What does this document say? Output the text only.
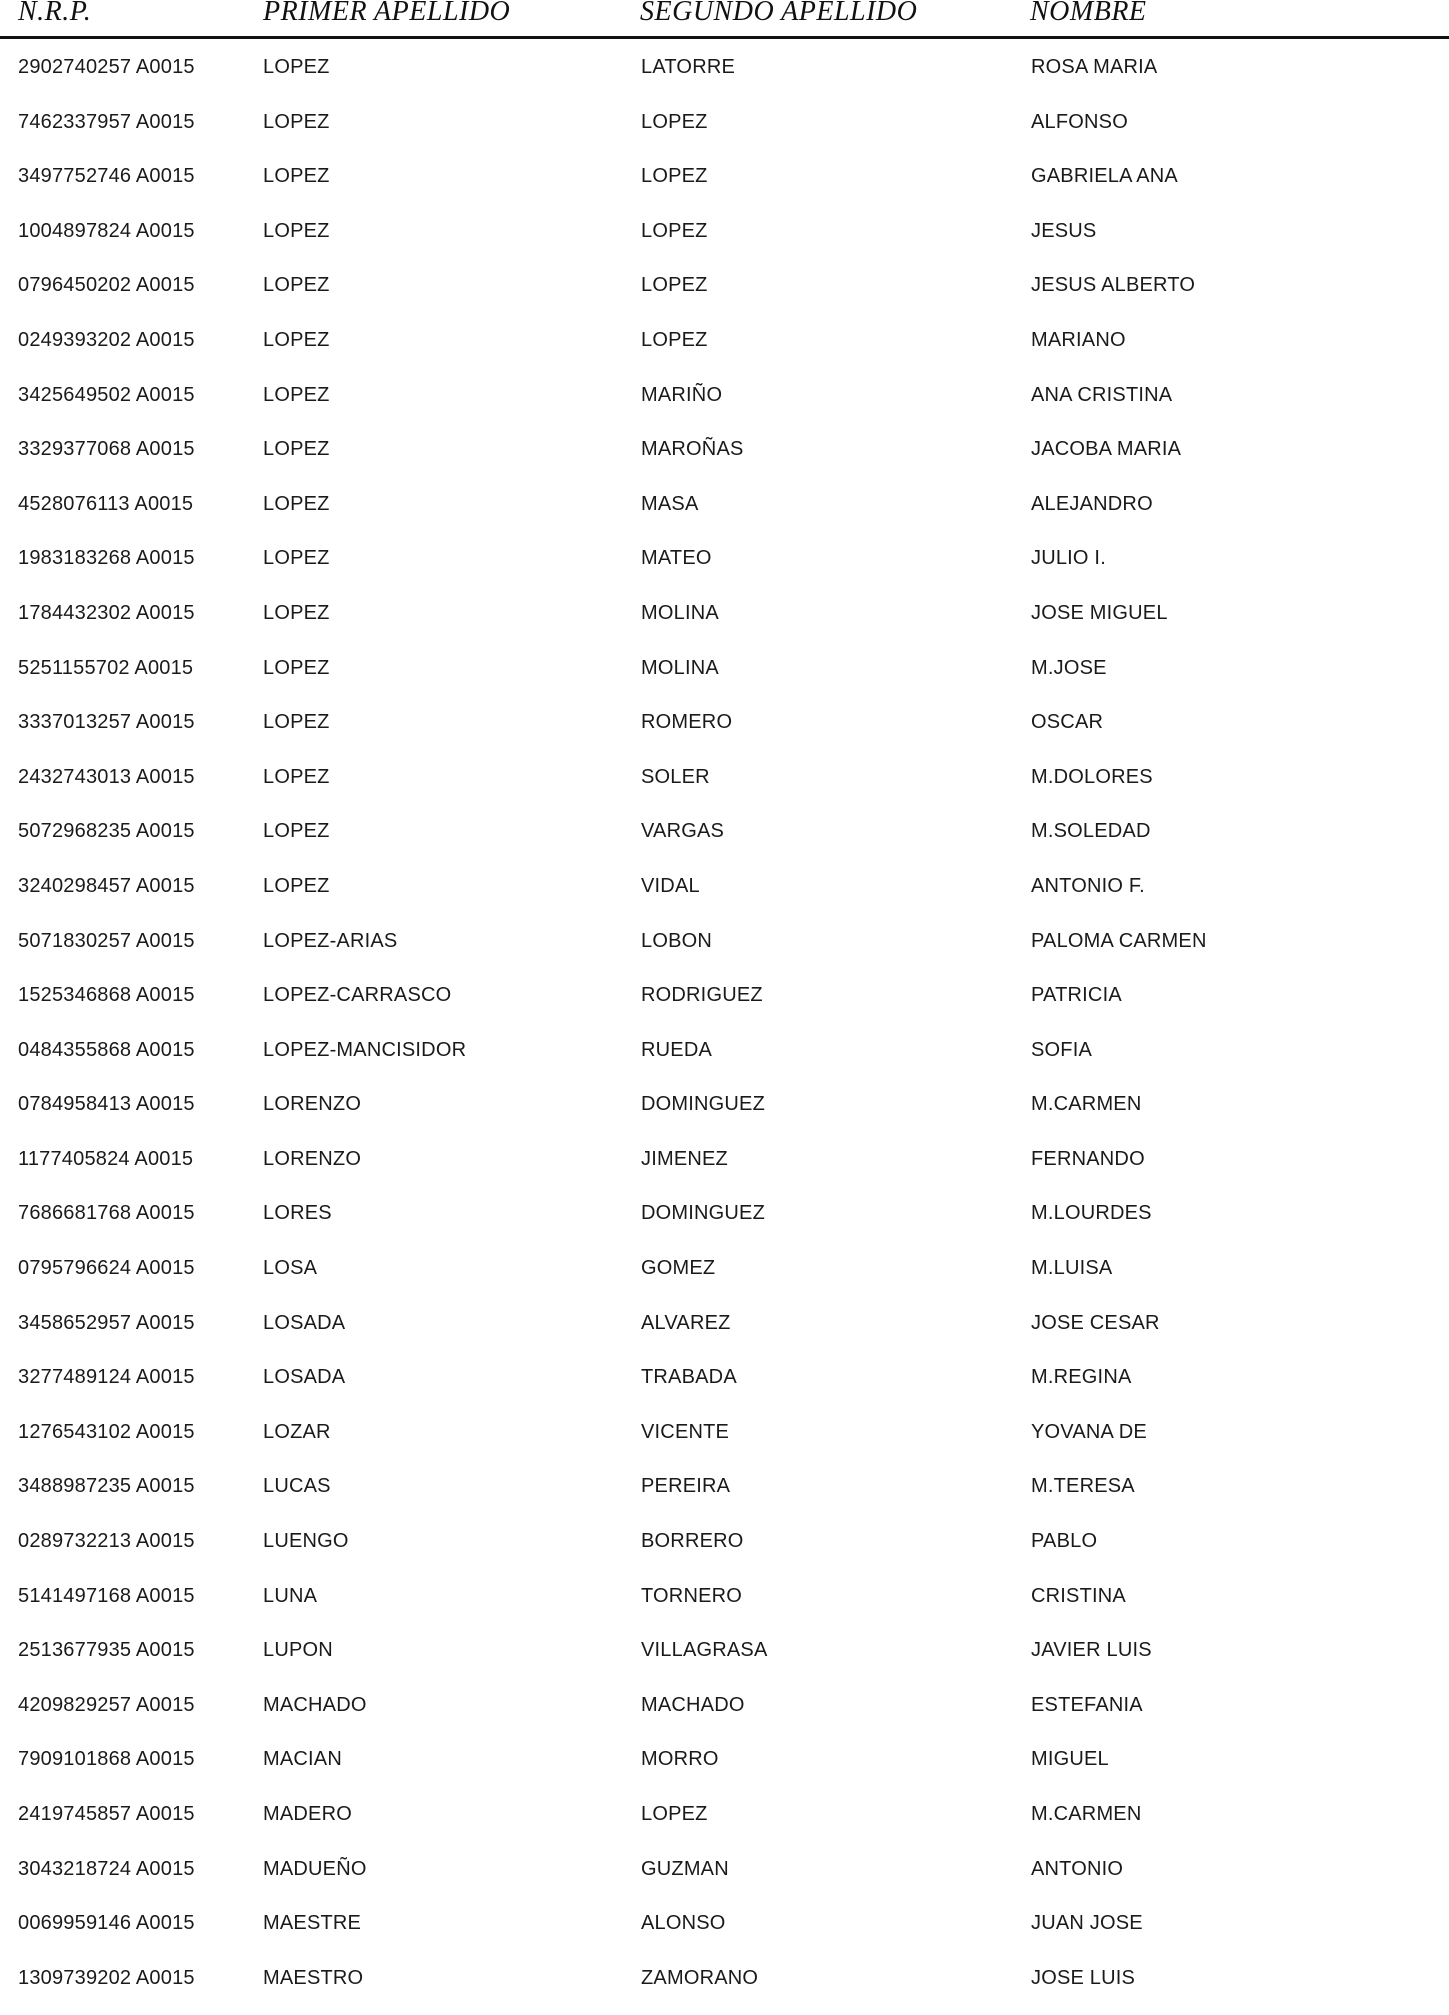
N.R.P.	PRIMER APELLIDO	SEGUNDO APELLIDO	NOMBRE
2902740257 A0015	LOPEZ	LATORRE	ROSA MARIA
7462337957 A0015	LOPEZ	LOPEZ	ALFONSO
3497752746 A0015	LOPEZ	LOPEZ	GABRIELA ANA
1004897824 A0015	LOPEZ	LOPEZ	JESUS
0796450202 A0015	LOPEZ	LOPEZ	JESUS ALBERTO
0249393202 A0015	LOPEZ	LOPEZ	MARIANO
3425649502 A0015	LOPEZ	MARIÑO	ANA CRISTINA
3329377068 A0015	LOPEZ	MAROÑAS	JACOBA MARIA
4528076113 A0015	LOPEZ	MASA	ALEJANDRO
1983183268 A0015	LOPEZ	MATEO	JULIO I.
1784432302 A0015	LOPEZ	MOLINA	JOSE MIGUEL
5251155702 A0015	LOPEZ	MOLINA	M.JOSE
3337013257 A0015	LOPEZ	ROMERO	OSCAR
2432743013 A0015	LOPEZ	SOLER	M.DOLORES
5072968235 A0015	LOPEZ	VARGAS	M.SOLEDAD
3240298457 A0015	LOPEZ	VIDAL	ANTONIO F.
5071830257 A0015	LOPEZ-ARIAS	LOBON	PALOMA CARMEN
1525346868 A0015	LOPEZ-CARRASCO	RODRIGUEZ	PATRICIA
0484355868 A0015	LOPEZ-MANCISIDOR	RUEDA	SOFIA
0784958413 A0015	LORENZO	DOMINGUEZ	M.CARMEN
1177405824 A0015	LORENZO	JIMENEZ	FERNANDO
7686681768 A0015	LORES	DOMINGUEZ	M.LOURDES
0795796624 A0015	LOSA	GOMEZ	M.LUISA
3458652957 A0015	LOSADA	ALVAREZ	JOSE CESAR
3277489124 A0015	LOSADA	TRABADA	M.REGINA
1276543102 A0015	LOZAR	VICENTE	YOVANA DE
3488987235 A0015	LUCAS	PEREIRA	M.TERESA
0289732213 A0015	LUENGO	BORRERO	PABLO
5141497168 A0015	LUNA	TORNERO	CRISTINA
2513677935 A0015	LUPON	VILLAGRASA	JAVIER LUIS
4209829257 A0015	MACHADO	MACHADO	ESTEFANIA
7909101868 A0015	MACIAN	MORRO	MIGUEL
2419745857 A0015	MADERO	LOPEZ	M.CARMEN
3043218724 A0015	MADUEÑO	GUZMAN	ANTONIO
0069959146 A0015	MAESTRE	ALONSO	JUAN JOSE
1309739202 A0015	MAESTRO	ZAMORANO	JOSE LUIS
